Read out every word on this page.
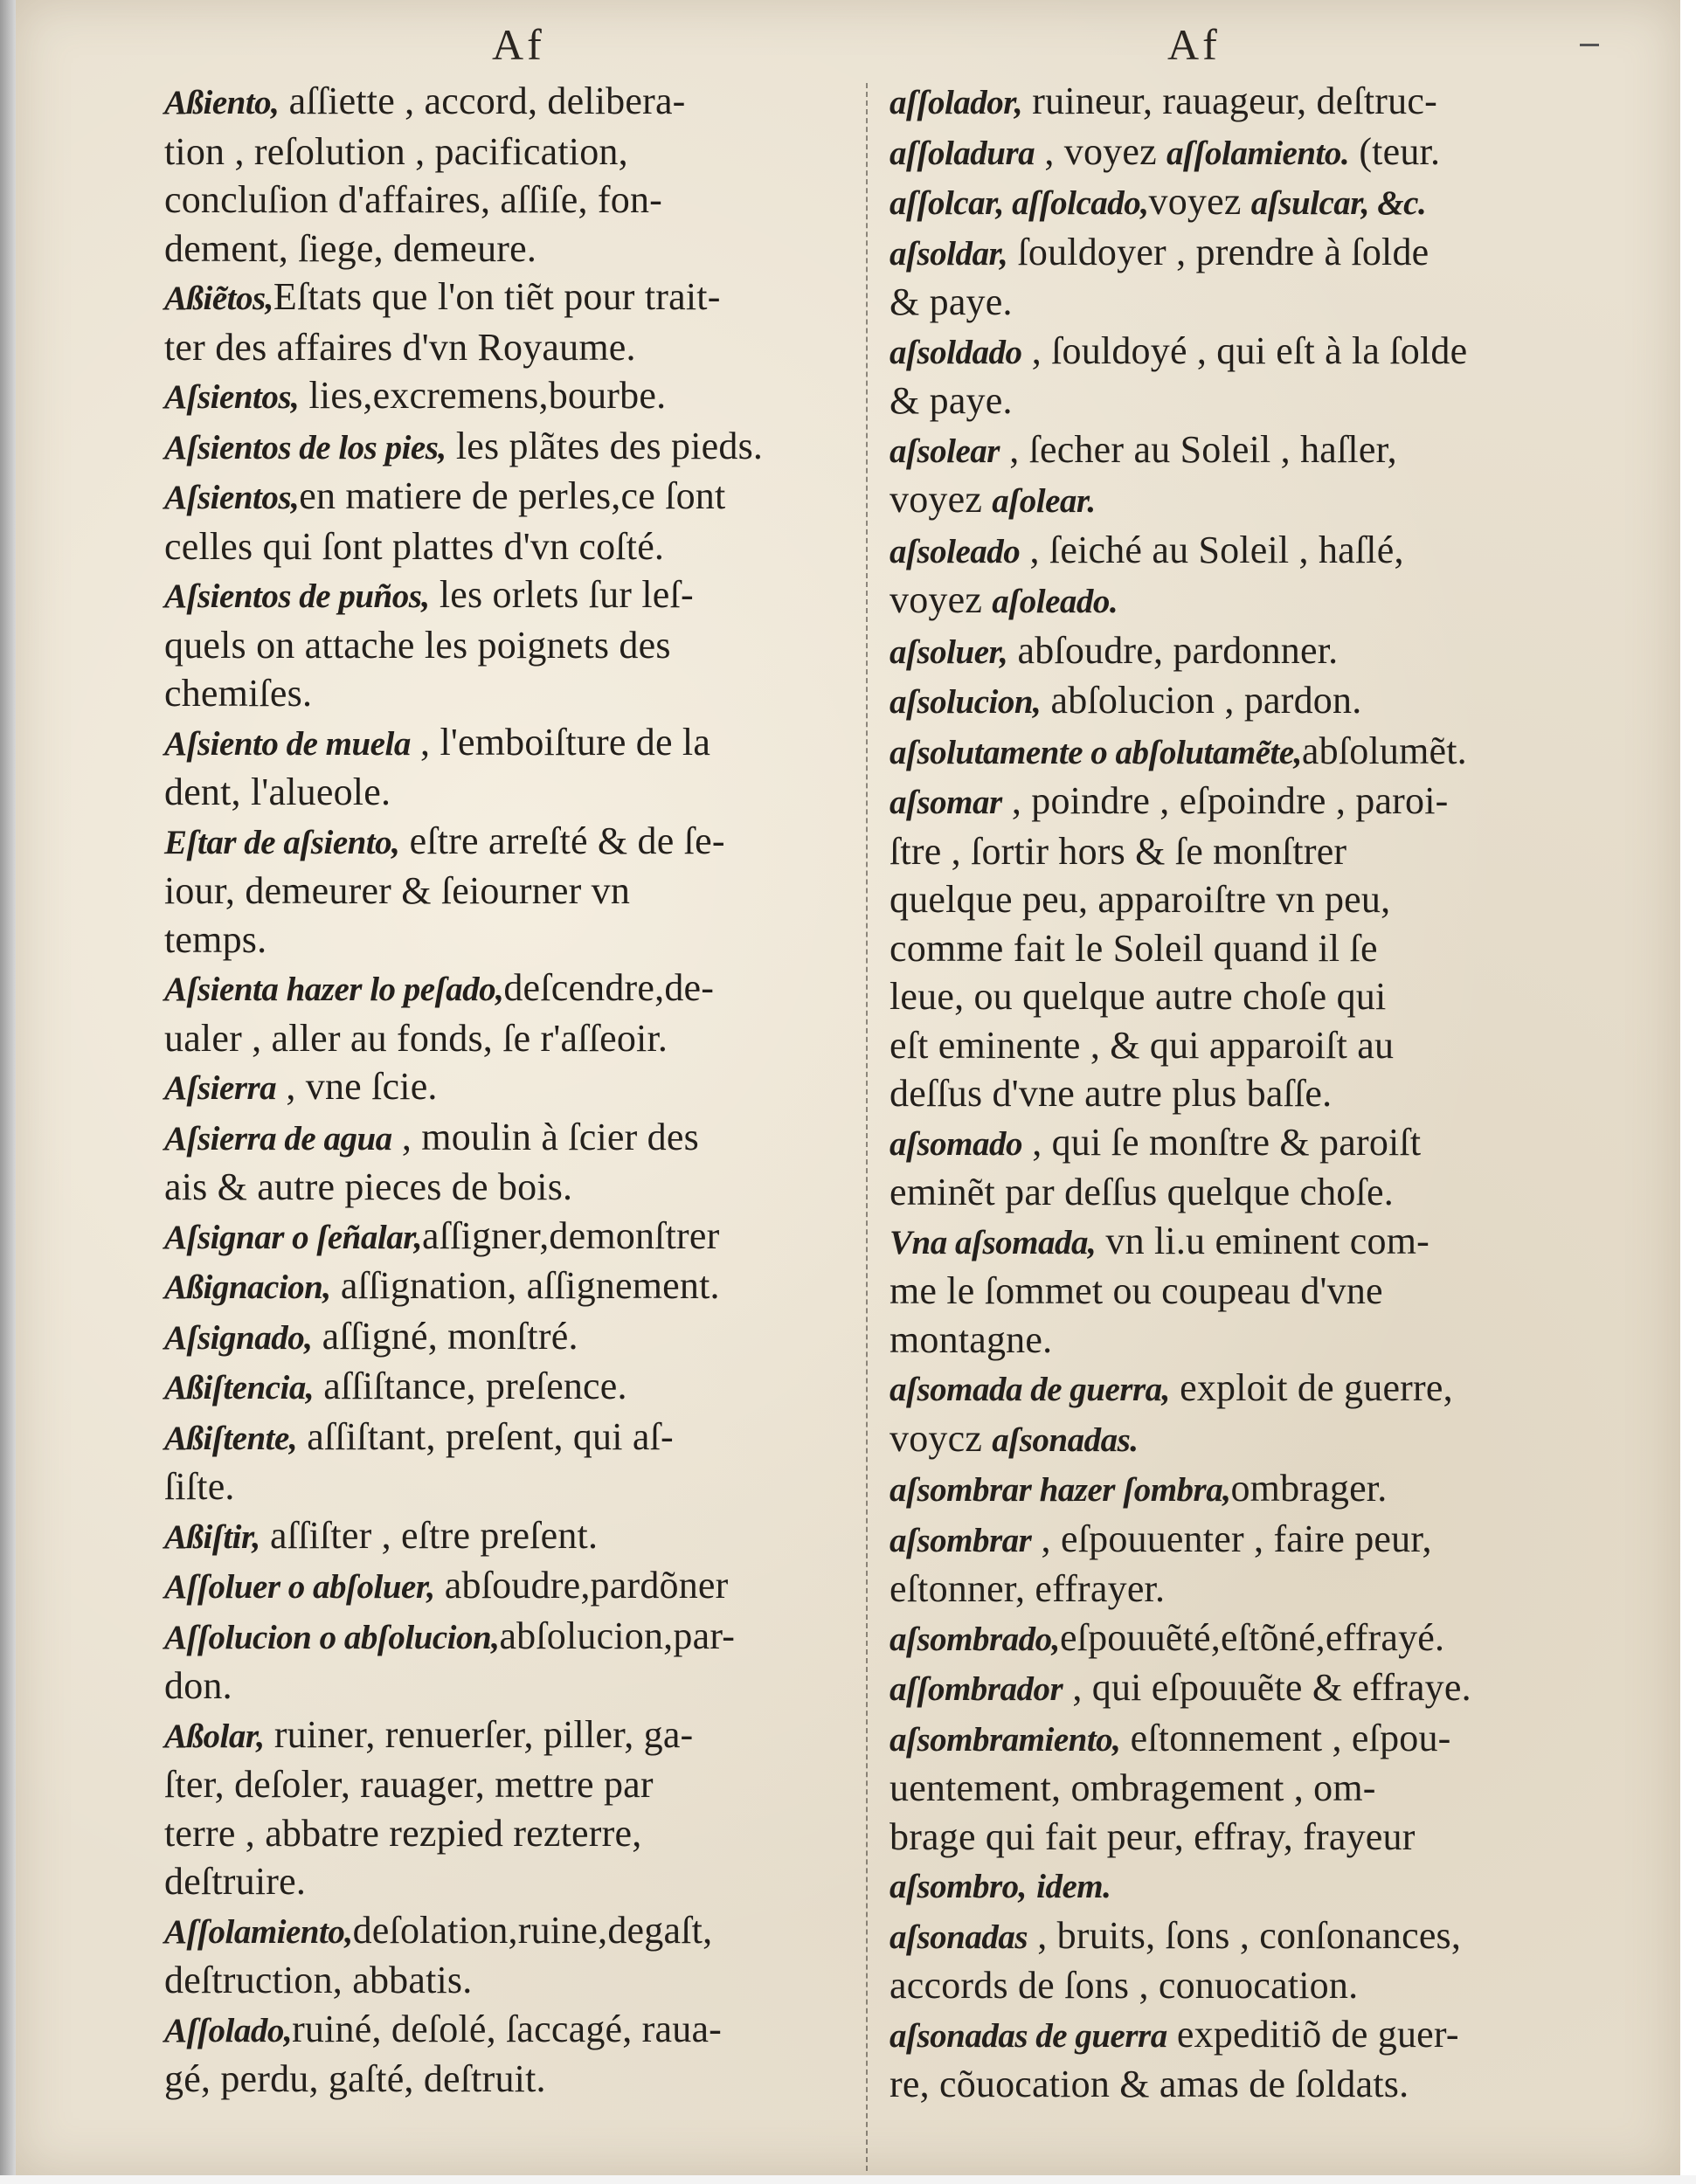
Af	Af
Aßiento, aſſiette , accord, delibera-
tion , reſolution , pacification,
concluſion d'affaires, aſſiſe, fon-
dement, ſiege, demeure.
Aßiẽtos,Eſtats que l'on tiẽt pour trait-
ter des affaires d'vn Royaume.
Aſsientos, lies,excremens,bourbe.
Aſsientos de los pies, les plãtes des pieds.
Aſsientos,en matiere de perles,ce ſont
celles qui ſont plattes d'vn coſté.
Aſsientos de puños, les orlets ſur leſ-
quels on attache les poignets des
chemiſes.
Aſsiento de muela , l'emboiſture de la
dent, l'alueole.
Eſtar de aſsiento, eſtre arreſté & de ſe-
iour, demeurer & ſeiourner vn
temps.
Aſsienta hazer lo peſado,deſcendre,de-
ualer , aller au fonds, ſe r'aſſeoir.
Aſsierra , vne ſcie.
Aſsierra de agua , moulin à ſcier des
ais & autre pieces de bois.
Aſsignar o ſeñalar,aſſigner,demonſtrer
Aßignacion, aſſignation, aſſignement.
Aſsignado, aſſigné, monſtré.
Aßiſtencia, aſſiſtance, preſence.
Aßiſtente, aſſiſtant, preſent, qui aſ-
ſiſte.
Aßiſtir, aſſiſter , eſtre preſent.
Aſſoluer o abſoluer, abſoudre,pardõner
Aſſolucion o abſolucion,abſolucion,par-
don.
Aßolar, ruiner, renuerſer, piller, ga-
ſter, deſoler, rauager, mettre par
terre , abbatre rezpied rezterre,
deſtruire.
Aſſolamiento,deſolation,ruine,degaſt,
deſtruction, abbatis.
Aſſolado,ruiné, deſolé, ſaccagé, raua-
gé, perdu, gaſté, deſtruit.
aſſolador, ruineur, rauageur, deſtruc-
aſſoladura , voyez aſſolamiento. (teur.
aſſolcar, aſſolcado,voyez aſsulcar, &c.
aſsoldar, ſouldoyer , prendre à ſolde
& paye.
aſsoldado , ſouldoyé , qui eſt à la ſolde
& paye.
aſsolear , ſecher au Soleil , haſler,
voyez aſolear.
aſsoleado , ſeiché au Soleil , haſlé,
voyez aſoleado.
aſsoluer, abſoudre, pardonner.
aſsolucion, abſolucion , pardon.
aſsolutamente o abſolutamẽte,abſolumẽt.
aſsomar , poindre , eſpoindre , paroi-
ſtre , ſortir hors & ſe monſtrer
quelque peu, apparoiſtre vn peu,
comme fait le Soleil quand il ſe
leue, ou quelque autre choſe qui
eſt eminente , & qui apparoiſt au
deſſus d'vne autre plus baſſe.
aſsomado , qui ſe monſtre & paroiſt
eminẽt par deſſus quelque choſe.
Vna aſsomada, vn li.u eminent com-
me le ſommet ou coupeau d'vne
montagne.
aſsomada de guerra, exploit de guerre,
voycz aſsonadas.
aſsombrar hazer ſombra,ombrager.
aſsombrar , eſpouuenter , faire peur,
eſtonner, effrayer.
aſsombrado,eſpouuẽté,eſtõné,effrayé.
aſſombrador , qui eſpouuẽte & effraye.
aſsombramiento, eſtonnement , eſpou-
uentement, ombragement , om-
brage qui fait peur, effray, frayeur
aſsombro, idem.
aſsonadas , bruits, ſons , conſonances,
accords de ſons , conuocation.
aſsonadas de guerra expeditiõ de guer-
re, cõuocation & amas de ſoldats.
